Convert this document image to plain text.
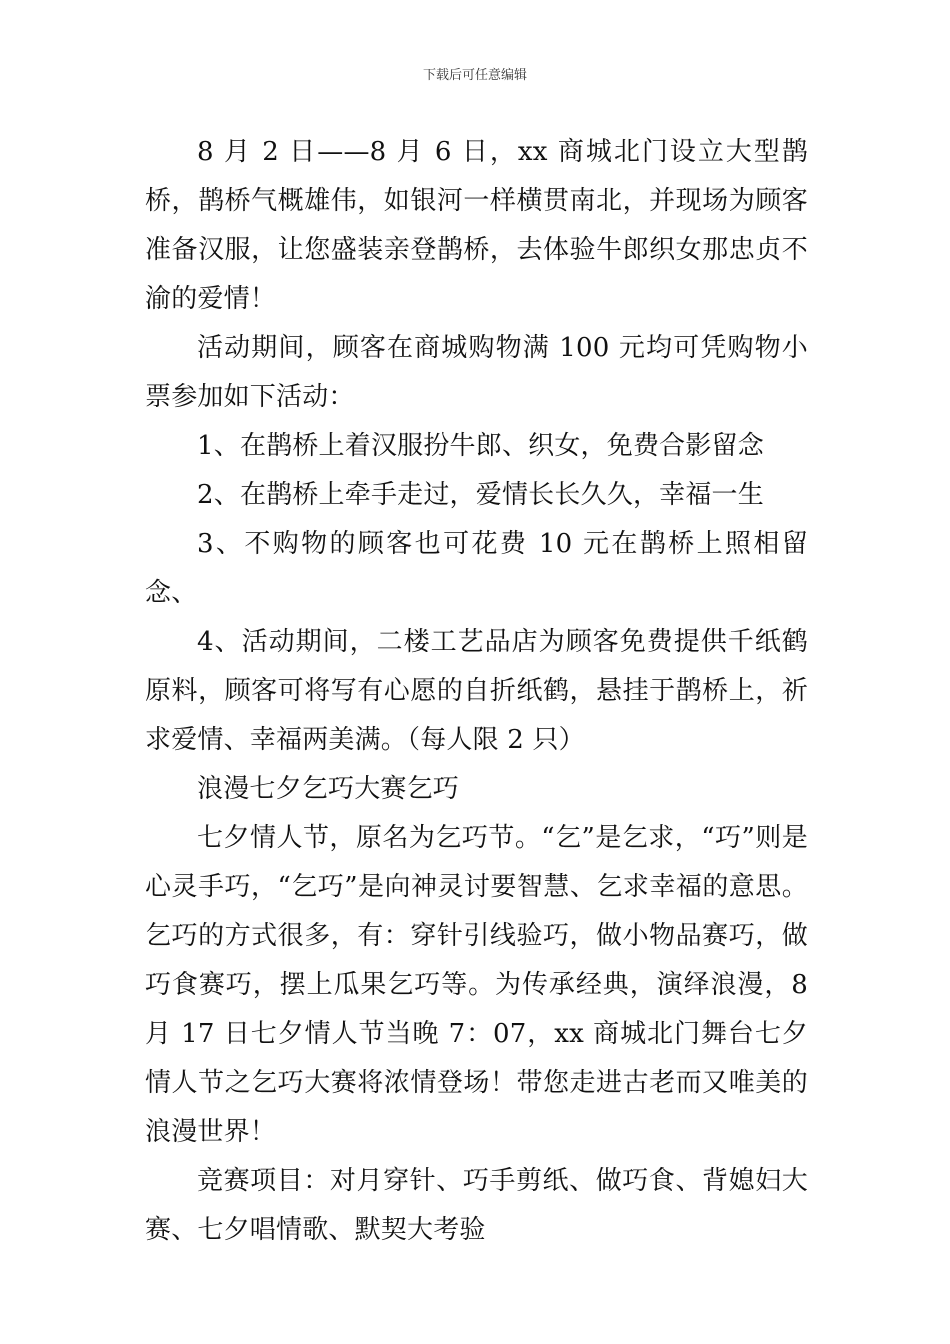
下载后可任意编辑

8 月 2 日——8 月 6 日，xx 商城北门设立大型鹊桥，鹊桥气概雄伟，如银河一样横贯南北，并现场为顾客准备汉服，让您盛装亲登鹊桥，去体验牛郎织女那忠贞不渝的爱情！

活动期间，顾客在商城购物满 100 元均可凭购物小票参加如下活动：

1、在鹊桥上着汉服扮牛郎、织女，免费合影留念

2、在鹊桥上牵手走过，爱情长长久久，幸福一生

3、不购物的顾客也可花费 10 元在鹊桥上照相留念、

4、活动期间，二楼工艺品店为顾客免费提供千纸鹤原料，顾客可将写有心愿的自折纸鹤，悬挂于鹊桥上，祈求爱情、幸福两美满。（每人限 2 只）

浪漫七夕乞巧大赛乞巧

七夕情人节，原名为乞巧节。“乞”是乞求，“巧”则是心灵手巧，“乞巧”是向神灵讨要智慧、乞求幸福的意思。乞巧的方式很多，有：穿针引线验巧，做小物品赛巧，做巧食赛巧，摆上瓜果乞巧等。为传承经典，演绎浪漫，8 月 17 日七夕情人节当晚 7：07，xx 商城北门舞台七夕情人节之乞巧大赛将浓情登场！带您走进古老而又唯美的浪漫世界！

竞赛项目：对月穿针、巧手剪纸、做巧食、背媳妇大赛、七夕唱情歌、默契大考验
